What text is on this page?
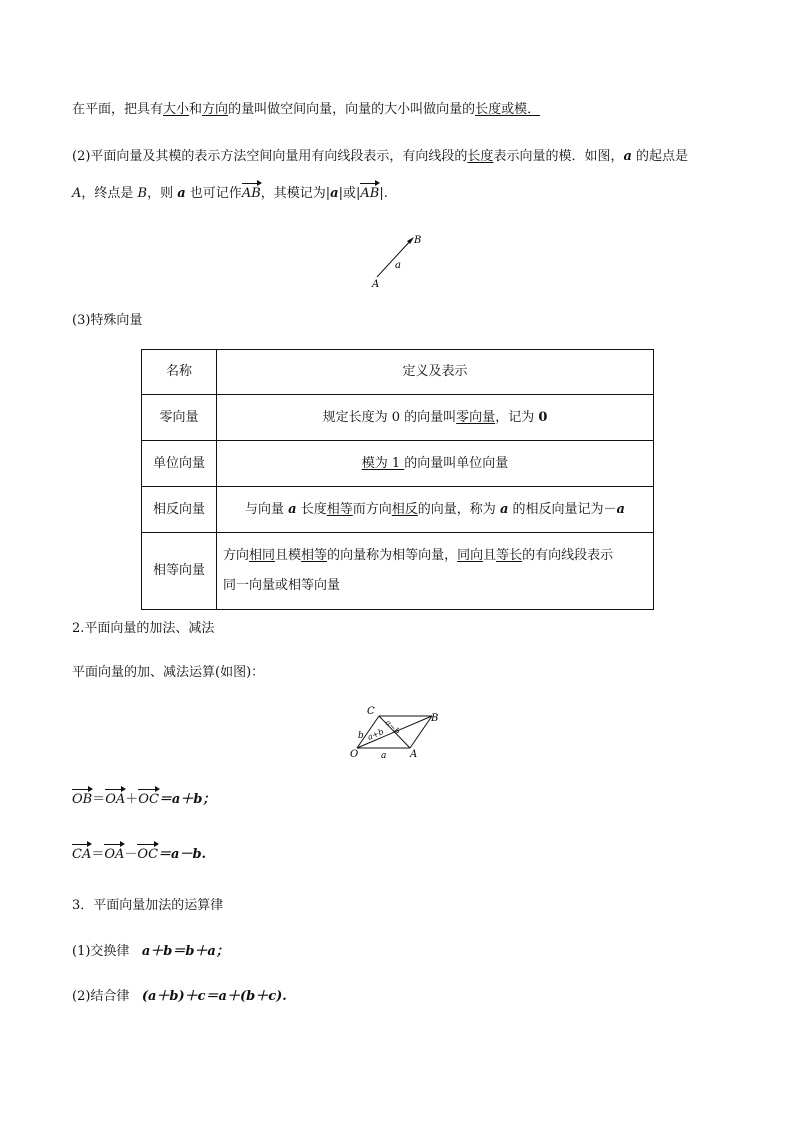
在平面，把具有大小和方向的量叫做空间向量，向量的大小叫做向量的长度或模．
(2)平面向量及其模的表示方法空间向量用有向线段表示，有向线段的长度表示向量的模．如图，a 的起点是
A，终点是 B，则 a 也可记作AB，其模记为|a|或|AB|.
B
a
A
(3)特殊向量
名称	定义及表示
零向量	规定长度为 0 的向量叫零向量，记为 0
单位向量	模为 1 的向量叫单位向量
相反向量	与向量 a 长度相等而方向相反的向量，称为 a 的相反向量记为－a
相等向量	方向相同且模相等的向量称为相等向量，同向且等长的有向线段表示
同一向量或相等向量
2.平面向量的加法、减法
平面向量的加、减法运算(如图)：
C
B
O	A
b
a
a+b
a−b
OB＝OA＋OC＝a＋b；
CA＝OA－OC＝a－b.
3．平面向量加法的运算律
(1)交换律 a＋b＝b＋a；
(2)结合律 (a＋b)＋c＝a＋(b＋c).
